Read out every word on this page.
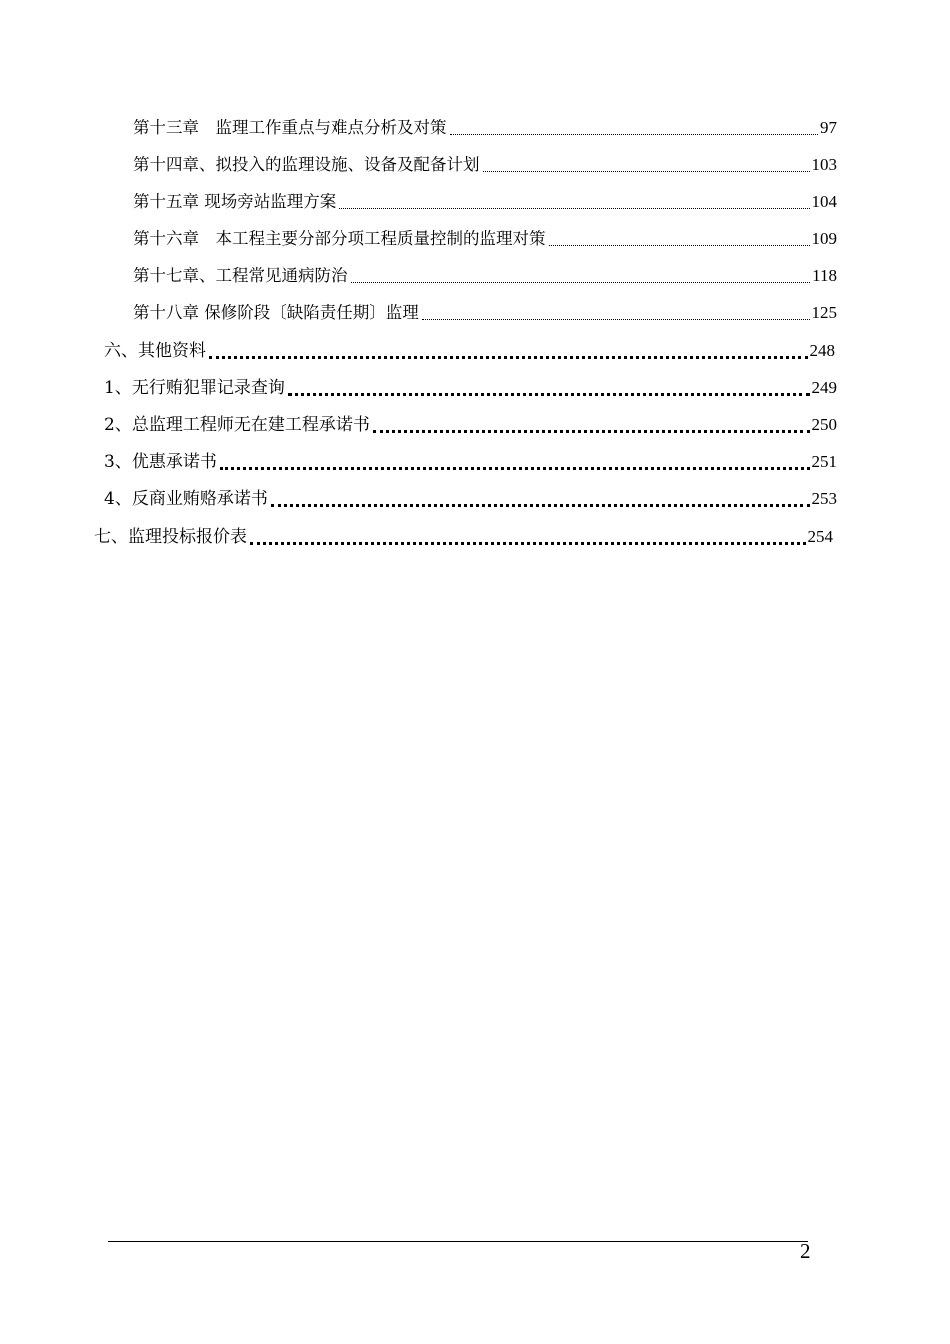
第十三章　监理工作重点与难点分析及对策	97
第十四章、拟投入的监理设施、设备及配备计划	103
第十五章 现场旁站监理方案	104
第十六章　本工程主要分部分项工程质量控制的监理对策	109
第十七章、工程常见通病防治	118
第十八章 保修阶段〔缺陷责任期〕监理	125
六、其他资料	248
1、无行贿犯罪记录查询	249
2、总监理工程师无在建工程承诺书	250
3、优惠承诺书	251
4、反商业贿赂承诺书	253
七、监理投标报价表	254
2
